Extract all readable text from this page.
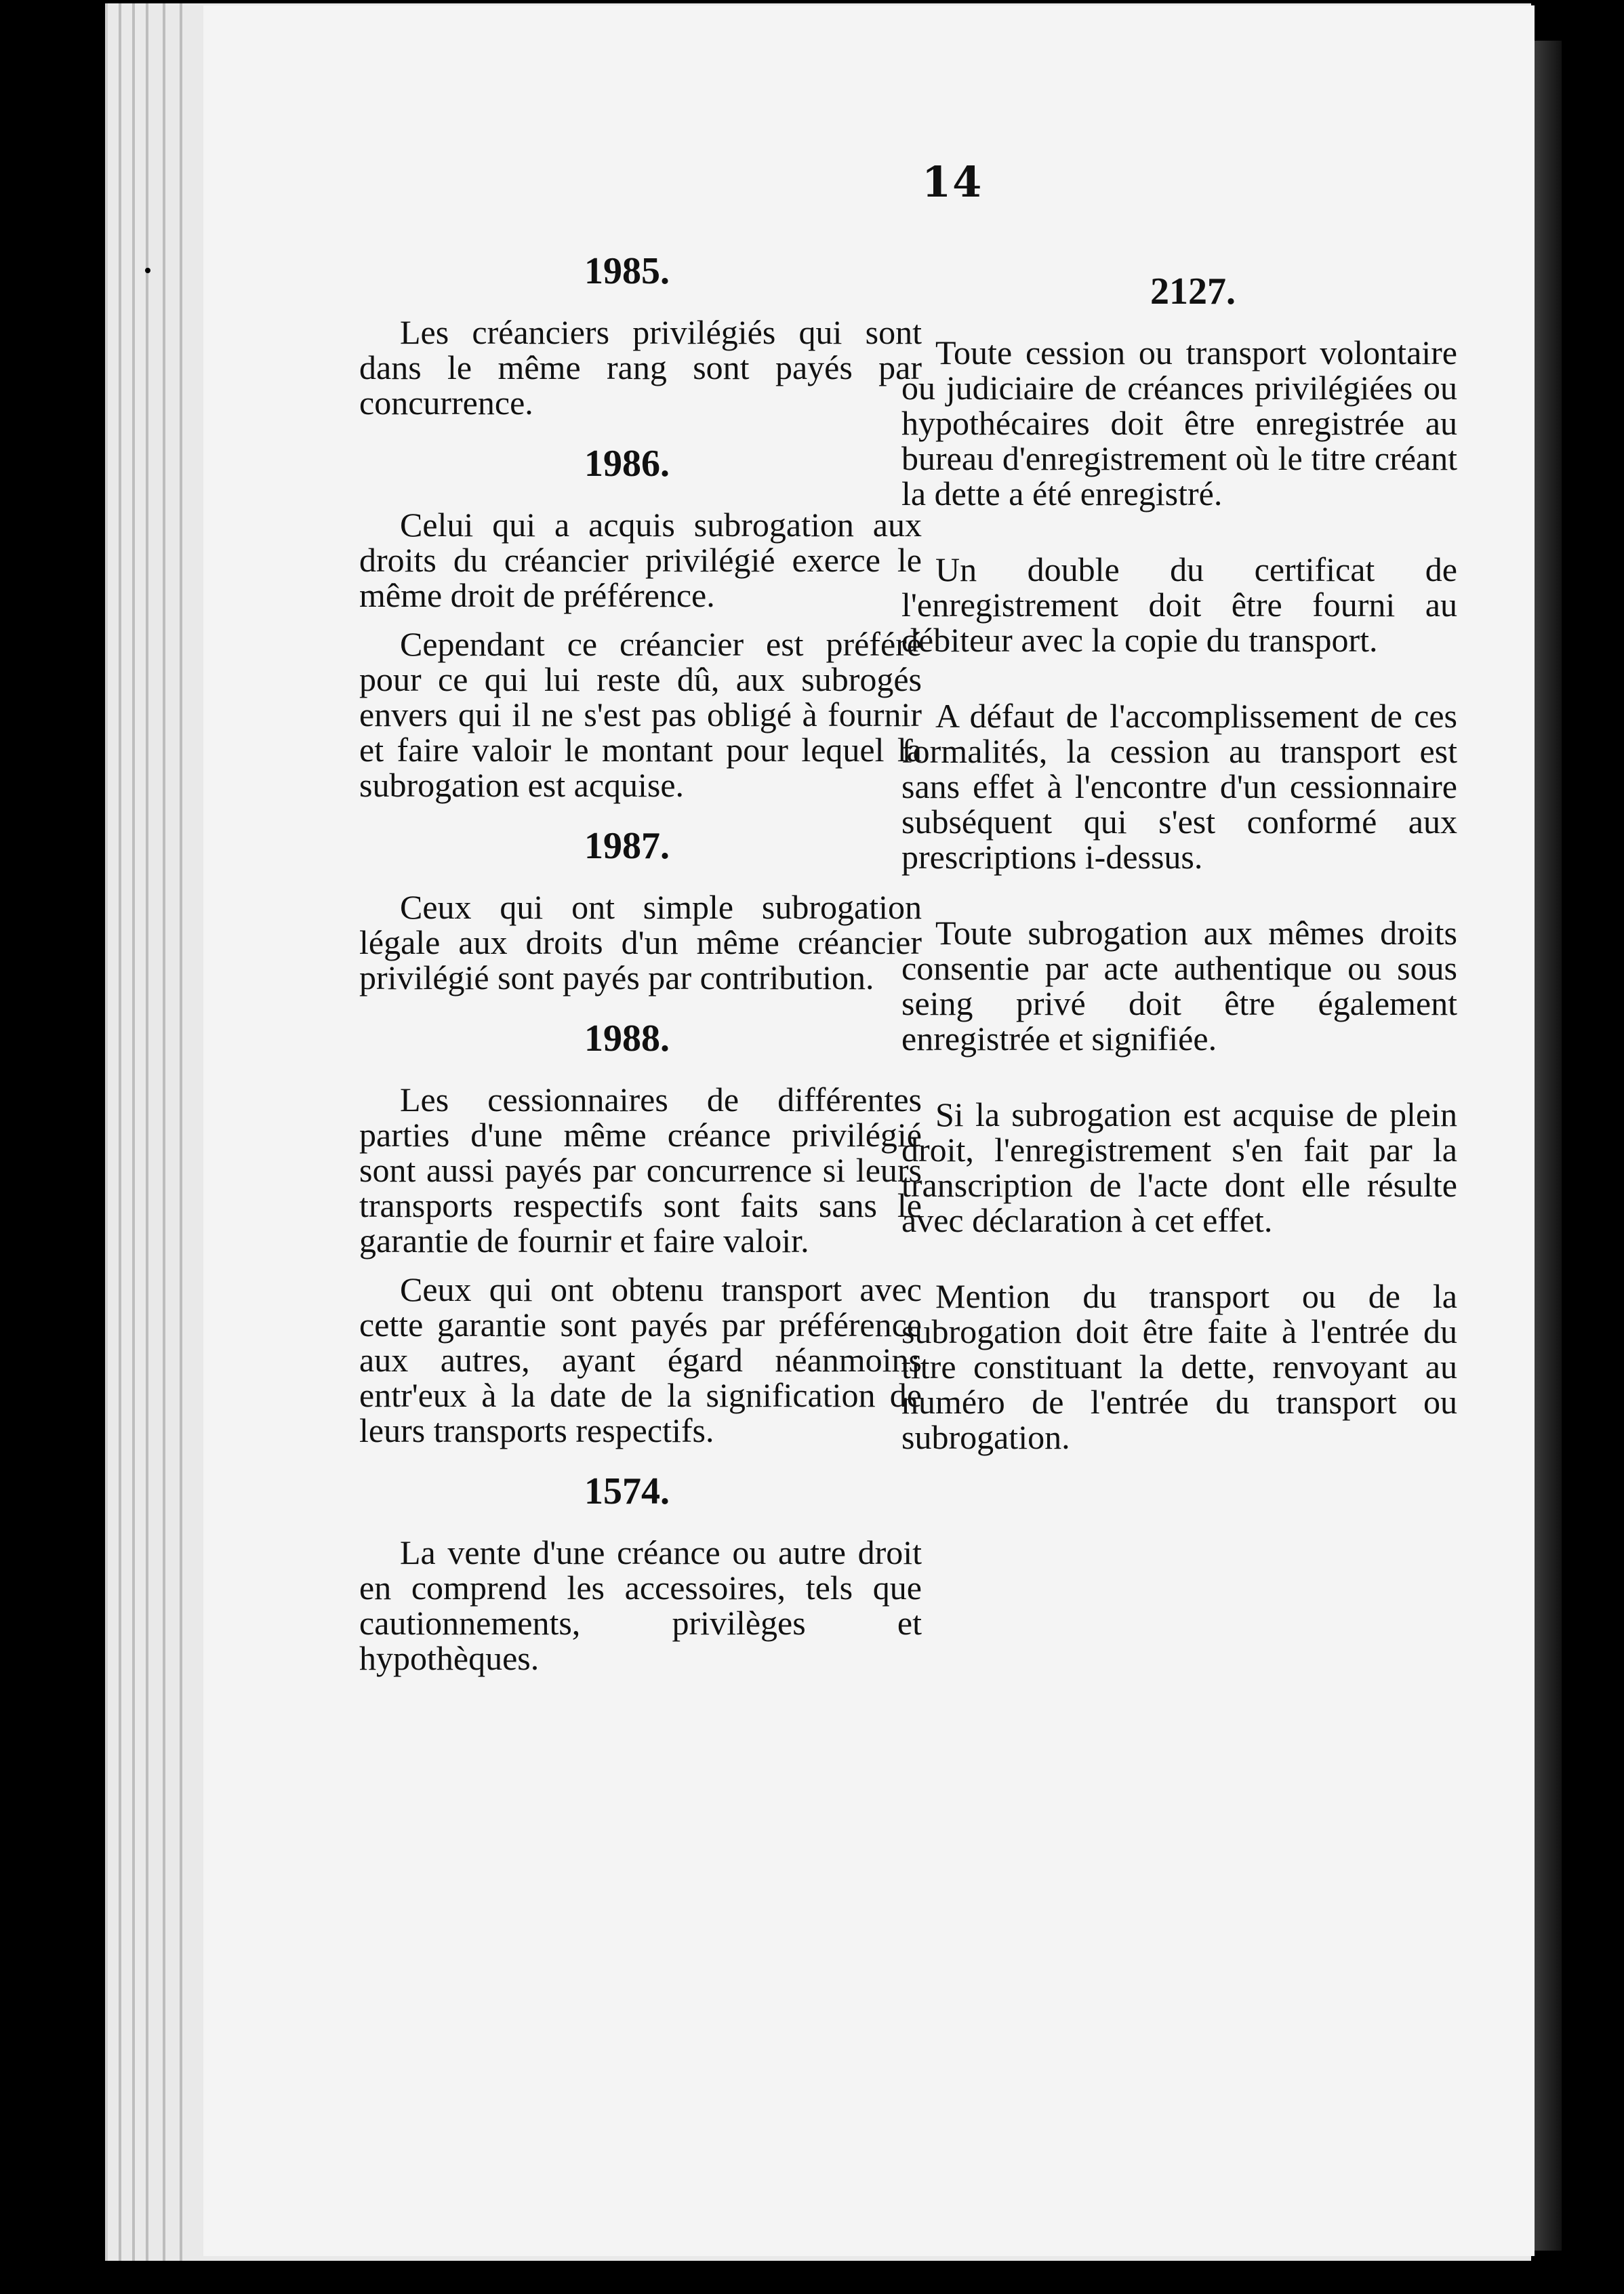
14
1985.

Les créanciers privilégiés qui sont dans le même rang sont payés par concurrence.

1986.

Celui qui a acquis subrogation aux droits du créancier privilégié exerce le même droit de préférence.

Cependant ce créancier est préféré pour ce qui lui reste dû, aux subrogés envers qui il ne s'est pas obligé à fournir et faire valoir le montant pour lequel la subrogation est acquise.

1987.

Ceux qui ont simple subrogation légale aux droits d'un même créancier privilégié sont payés par contribution.

1988.

Les cessionnaires de différentes parties d'une même créance privilégié sont aussi payés par concurrence si leurs transports respectifs sont faits sans le garantie de fournir et faire valoir.

Ceux qui ont obtenu transport avec cette garantie sont payés par préférence aux autres, ayant égard néanmoins entr'eux à la date de la signification de leurs transports respectifs.

1574.

La vente d'une créance ou autre droit en comprend les accessoires, tels que cautionnements, privilèges et hypothèques.

2127.

Toute cession ou transport volontaire ou judiciaire de créances privilégiées ou hypothécaires doit être enregistrée au bureau d'enregistrement où le titre créant la dette a été enregistré.

Un double du certificat de l'enregistrement doit être fourni au débiteur avec la copie du transport.

A défaut de l'accomplissement de ces formalités, la cession au transport est sans effet à l'encontre d'un cessionnaire subséquent qui s'est conformé aux prescriptions i-dessus.

Toute subrogation aux mêmes droits consentie par acte authentique ou sous seing privé doit être également enregistrée et signifiée.

Si la subrogation est acquise de plein droit, l'enregistrement s'en fait par la transcription de l'acte dont elle résulte avec déclaration à cet effet.

Mention du transport ou de la subrogation doit être faite à l'entrée du titre constituant la dette, renvoyant au numéro de l'entrée du transport ou subrogation.
